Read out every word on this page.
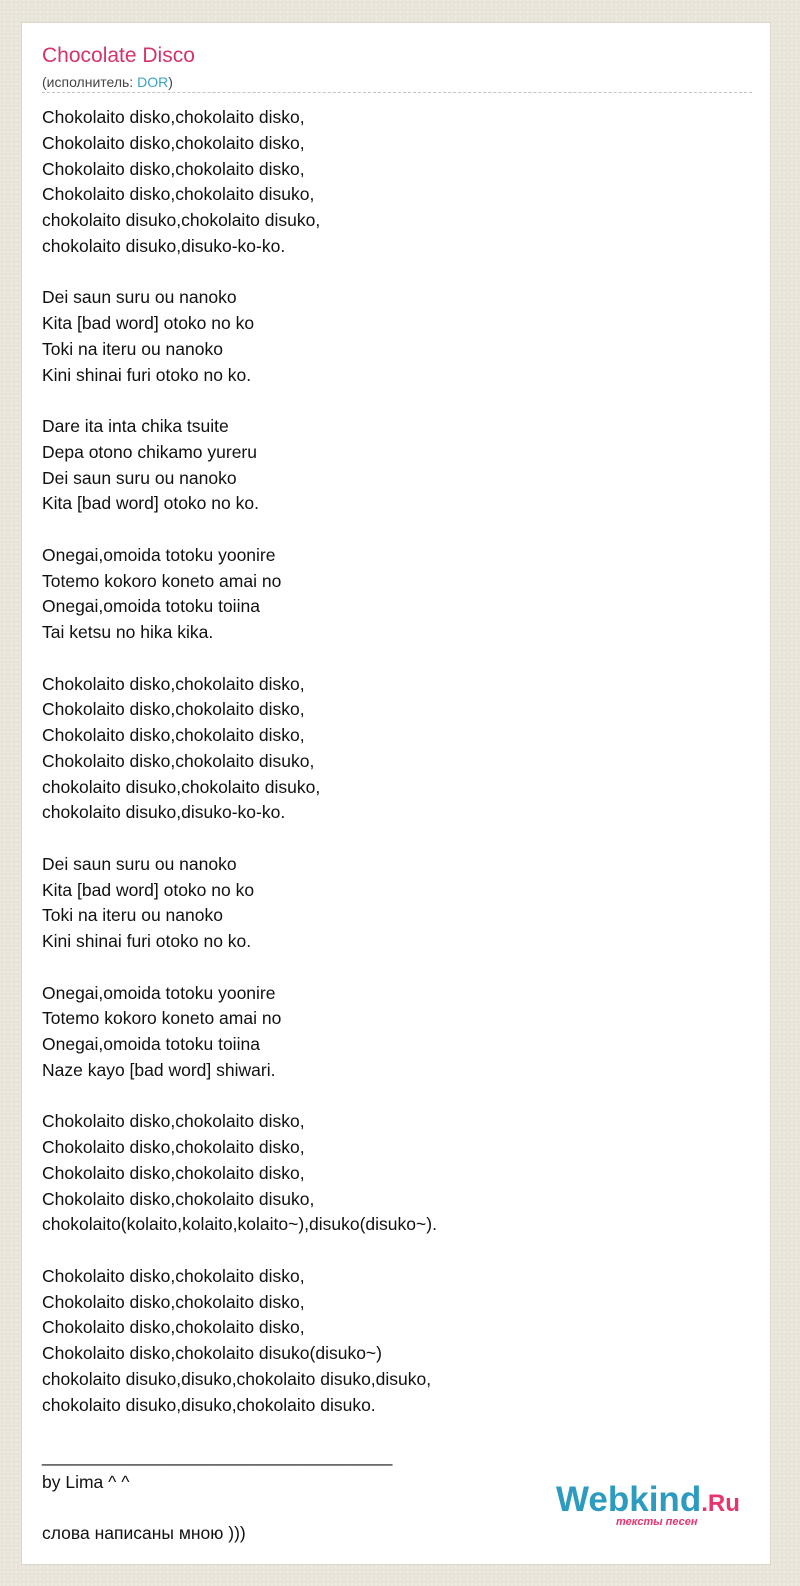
Chocolate Disco
(исполнитель: DOR)
Chokolaito disko,chokolaito disko,
Chokolaito disko,chokolaito disko,
Chokolaito disko,chokolaito disko,
Chokolaito disko,chokolaito disuko,
chokolaito disuko,chokolaito disuko,
chokolaito disuko,disuko-ko-ko.
Dei saun suru ou nanoko
Kita [bad word] otoko no ko
Toki na iteru ou nanoko
Kini shinai furi otoko no ko.
Dare ita inta chika tsuite
Depa otono chikamo yureru
Dei saun suru ou nanoko
Kita [bad word] otoko no ko.
Onegai,omoida totoku yoonire
Totemo kokoro koneto amai no
Onegai,omoida totoku toiina
Tai ketsu no hika kika.
Chokolaito disko,chokolaito disko,
Chokolaito disko,chokolaito disko,
Chokolaito disko,chokolaito disko,
Chokolaito disko,chokolaito disuko,
chokolaito disuko,chokolaito disuko,
chokolaito disuko,disuko-ko-ko.
Dei saun suru ou nanoko
Kita [bad word] otoko no ko
Toki na iteru ou nanoko
Kini shinai furi otoko no ko.
Onegai,omoida totoku yoonire
Totemo kokoro koneto amai no
Onegai,omoida totoku toiina
Naze kayo [bad word] shiwari.
Chokolaito disko,chokolaito disko,
Chokolaito disko,chokolaito disko,
Chokolaito disko,chokolaito disko,
Chokolaito disko,chokolaito disuko,
chokolaito(kolaito,kolaito,kolaito~),disuko(disuko~).
Chokolaito disko,chokolaito disko,
Chokolaito disko,chokolaito disko,
Chokolaito disko,chokolaito disko,
Chokolaito disko,chokolaito disuko(disuko~)
chokolaito disuko,disuko,chokolaito disuko,disuko,
chokolaito disuko,disuko,chokolaito disuko.
____________________________________
by Lima ^ ^
слова написаны мною )))
Webkind.Ru
тексты песен
